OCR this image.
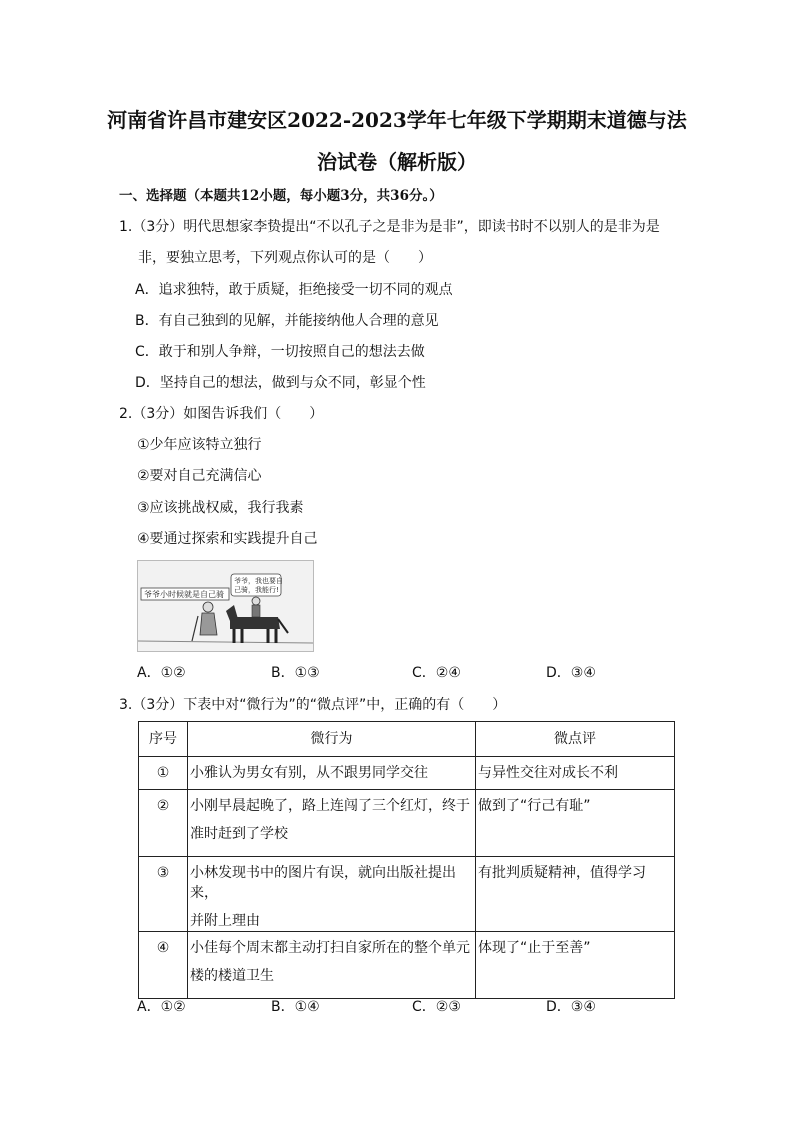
河南省许昌市建安区2022-2023学年七年级下学期期末道德与法
治试卷（解析版）
一、选择题（本题共12小题，每小题3分，共36分。）
1.（3分）明代思想家李贽提出“不以孔子之是非为是非”，即读书时不以别人的是非为是
非，要独立思考，下列观点你认可的是（　　）
A．追求独特，敢于质疑，拒绝接受一切不同的观点
B．有自己独到的见解，并能接纳他人合理的意见
C．敢于和别人争辩，一切按照自己的想法去做
D．坚持自己的想法，做到与众不同，彰显个性
2.（3分）如图告诉我们（　　）
①少年应该特立独行
②要对自己充满信心
③应该挑战权威，我行我素
④要通过探索和实践提升自己
爷爷小时候就是自己骑
爷爷，我也要自
己骑，我能行!
A．①②	B．①③	C．②④	D．③④
3.（3分）下表中对“微行为”的“微点评”中，正确的有（　　）
序号	微行为	微点评
①	小雅认为男女有别，从不跟男同学交往	与异性交往对成长不利
②	小刚早晨起晚了，路上连闯了三个红灯，终于
准时赶到了学校	做到了“行己有耻”
③	小林发现书中的图片有误，就向出版社提出来，
并附上理由	有批判质疑精神，值得学习
④	小佳每个周末都主动打扫自家所在的整个单元
楼的楼道卫生	体现了“止于至善”
A．①②	B．①④	C．②③	D．③④
